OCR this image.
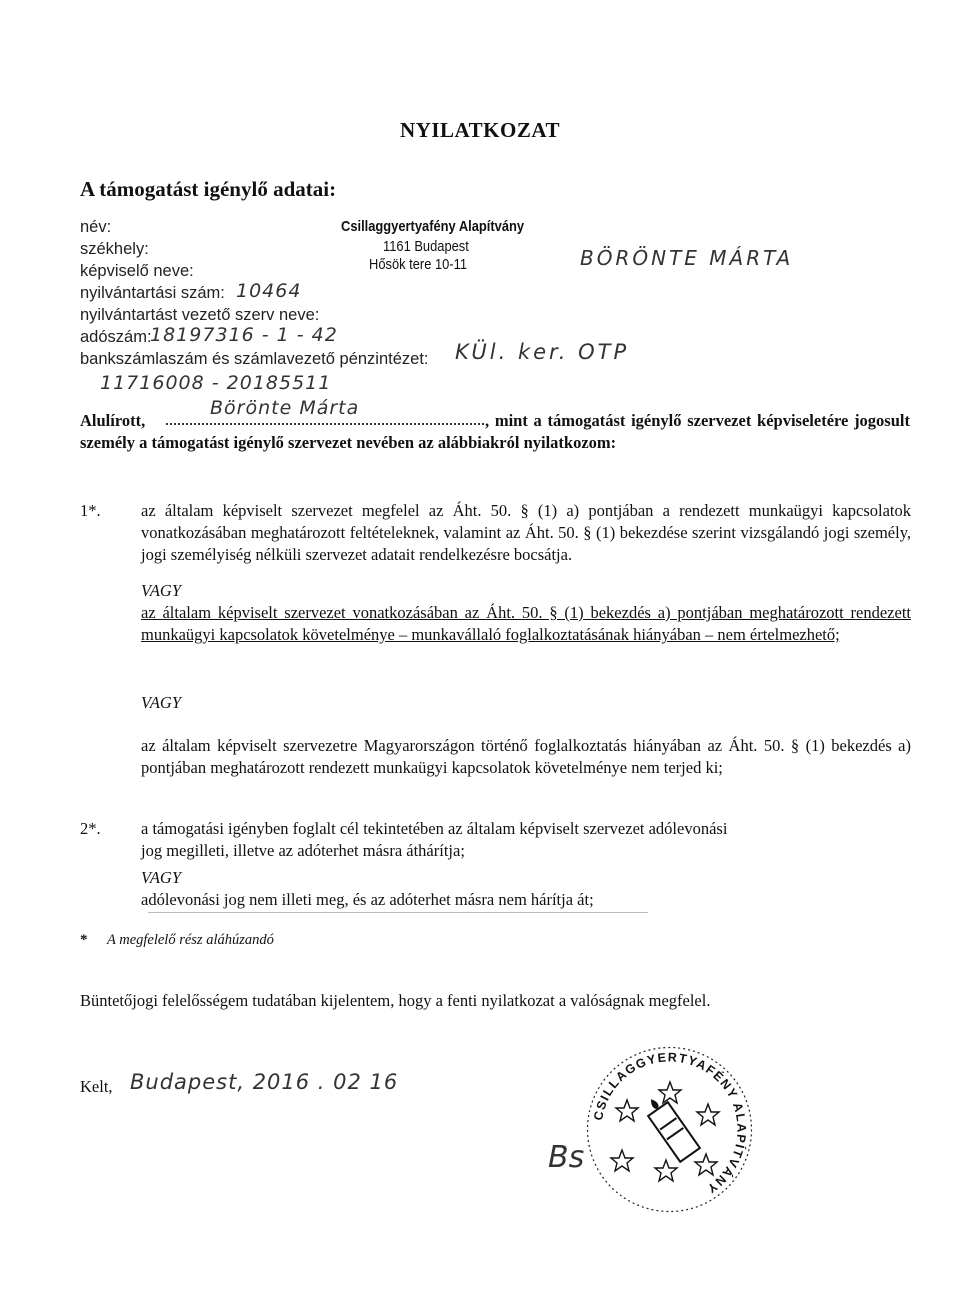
NYILATKOZAT
A támogatást igénylő adatai:
név:
székhely:
képviselő neve:
nyilvántartási szám:
nyilvántartást vezető szerv neve:
adószám:
bankszámlaszám és számlavezető pénzintézet:
Csillaggyertyafény Alapítvány
1161 Budapest
Hősök tere 10-11	BÖRÖNTE MÁRTA
10464
18197316 - 1 - 42
KÜl. ker. OTP
11716008 - 20185511
Alulírott,
Börönte Márta
, mint a támogatást igénylő szervezet képviseletére jogosult személy a támogatást igénylő szervezet nevében az alábbiakról nyilatkozom:
1*. az általam képviselt szervezet megfelel az Áht. 50. § (1) a) pontjában a rendezett munkaügyi kapcsolatok vonatkozásában meghatározott feltételeknek, valamint az Áht. 50. § (1) bekezdése szerint vizsgálandó jogi személy, jogi személyiség nélküli szervezet adatait rendelkezésre bocsátja.
VAGY
az általam képviselt szervezet vonatkozásában az Áht. 50. § (1) bekezdés a) pontjában meghatározott rendezett munkaügyi kapcsolatok követelménye – munkavállaló foglalkoztatásának hiányában – nem értelmezhető;
VAGY
az általam képviselt szervezetre Magyarországon történő foglalkoztatás hiányában az Áht. 50. § (1) bekezdés a) pontjában meghatározott rendezett munkaügyi kapcsolatok követelménye nem terjed ki;
2*. a támogatási igényben foglalt cél tekintetében az általam képviselt szervezet adólevonási jog megilleti, illetve az adóterhet másra áthárítja;
VAGY
adólevonási jog nem illeti meg, és az adóterhet másra nem hárítja át;
* A megfelelő rész aláhúzandó
Büntetőjogi felelősségem tudatában kijelentem, hogy a fenti nyilatkozat a valóságnak megfelel.
Kelt, Budapest, 2016 . 02 16
CSILLAGGYERTYAFÉNY ALAPÍTVÁNY
Bs
